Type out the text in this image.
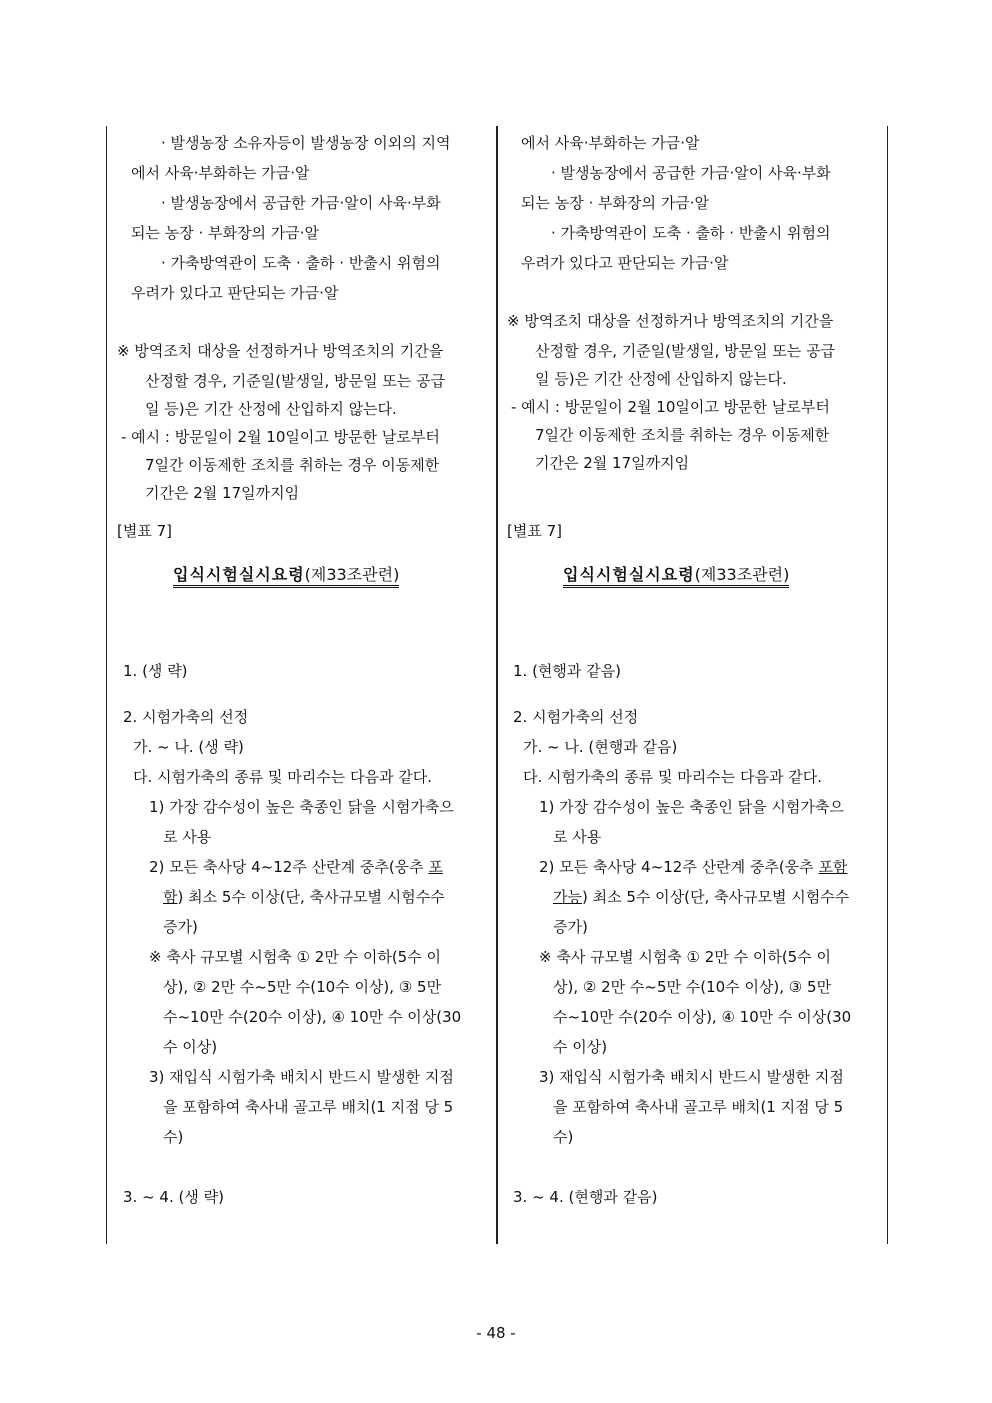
· 발생농장 소유자등이 발생농장 이외의 지역
에서 사육·부화하는 가금·알
· 발생농장에서 공급한 가금·알이 사육·부화
되는 농장 · 부화장의 가금·알
· 가축방역관이 도축 · 출하 · 반출시 위험의
우려가 있다고 판단되는 가금·알
※ 방역조치 대상을 선정하거나 방역조치의 기간을
산정할 경우, 기준일(발생일, 방문일 또는 공급
일 등)은 기간 산정에 산입하지 않는다.
- 예시 : 방문일이 2월 10일이고 방문한 날로부터
7일간 이동제한 조치를 취하는 경우 이동제한
기간은 2월 17일까지임
[별표 7]
입식시험실시요령(제33조관련)
1. (생 략)
2. 시험가축의 선정
가. ~ 나. (생 략)
다. 시험가축의 종류 및 마리수는 다음과 같다.
1) 가장 감수성이 높은 축종인 닭을 시험가축으
로 사용
2) 모든 축사당 4~12주 산란계 중추(웅추 포
함) 최소 5수 이상(단, 축사규모별 시험수수
증가)
※ 축사 규모별 시험축 ① 2만 수 이하(5수 이
상), ② 2만 수~5만 수(10수 이상), ③ 5만
수~10만 수(20수 이상), ④ 10만 수 이상(30
수 이상)
3) 재입식 시험가축 배치시 반드시 발생한 지점
을 포함하여 축사내 골고루 배치(1 지점 당 5
수)
3. ~ 4. (생 략)
에서 사육·부화하는 가금·알
· 발생농장에서 공급한 가금·알이 사육·부화
되는 농장 · 부화장의 가금·알
· 가축방역관이 도축 · 출하 · 반출시 위험의
우려가 있다고 판단되는 가금·알
※ 방역조치 대상을 선정하거나 방역조치의 기간을
산정할 경우, 기준일(발생일, 방문일 또는 공급
일 등)은 기간 산정에 산입하지 않는다.
- 예시 : 방문일이 2월 10일이고 방문한 날로부터
7일간 이동제한 조치를 취하는 경우 이동제한
기간은 2월 17일까지임
[별표 7]
입식시험실시요령(제33조관련)
1. (현행과 같음)
2. 시험가축의 선정
가. ~ 나. (현행과 같음)
다. 시험가축의 종류 및 마리수는 다음과 같다.
1) 가장 감수성이 높은 축종인 닭을 시험가축으
로 사용
2) 모든 축사당 4~12주 산란계 중추(웅추 포함
가능) 최소 5수 이상(단, 축사규모별 시험수수
증가)
※ 축사 규모별 시험축 ① 2만 수 이하(5수 이
상), ② 2만 수~5만 수(10수 이상), ③ 5만
수~10만 수(20수 이상), ④ 10만 수 이상(30
수 이상)
3) 재입식 시험가축 배치시 반드시 발생한 지점
을 포함하여 축사내 골고루 배치(1 지점 당 5
수)
3. ~ 4. (현행과 같음)
- 48 -
